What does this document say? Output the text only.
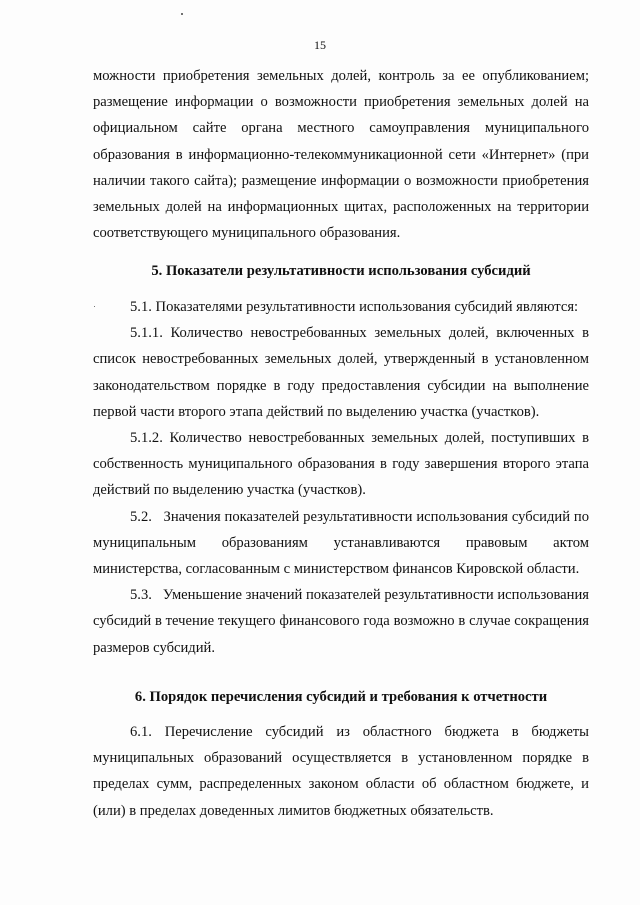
15

можности приобретения земельных долей, контроль за ее опубликованием; размещение информации о возможности приобретения земельных долей на официальном сайте органа местного самоуправления муниципального образования в информационно-телекоммуникационной сети «Интернет» (при наличии такого сайта); размещение информации о возможности приобретения земельных долей на информационных щитах, расположенных на территории соответствующего муниципального образования.

5. Показатели результативности использования субсидий

5.1. Показателями результативности использования субсидий являются:

5.1.1. Количество невостребованных земельных долей, включенных в список невостребованных земельных долей, утвержденный в установленном законодательством порядке в году предоставления субсидии на выполнение первой части второго этапа действий по выделению участка (участков).

5.1.2. Количество невостребованных земельных долей, поступивших в собственность муниципального образования в году завершения второго этапа действий по выделению участка (участков).

5.2.   Значения показателей результативности использования субсидий по муниципальным образованиям устанавливаются правовым актом министерства, согласованным с министерством финансов Кировской области.

5.3.   Уменьшение значений показателей результативности использования субсидий в течение текущего финансового года возможно в случае сокращения размеров субсидий.

6. Порядок перечисления субсидий и требования к отчетности

6.1. Перечисление субсидий из областного бюджета в бюджеты муниципальных образований осуществляется в установленном порядке в пределах сумм, распределенных законом области об областном бюджете, и (или) в пределах доведенных лимитов бюджетных обязательств.
